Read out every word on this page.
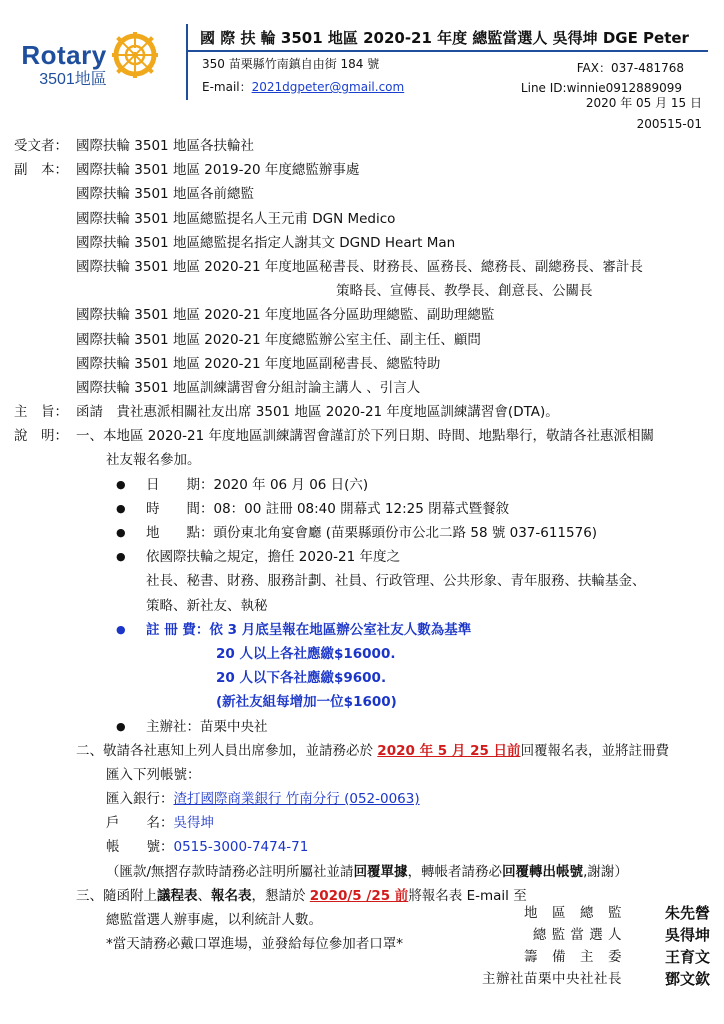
Rotary
3501地區
國 際 扶 輪 3501 地區 2020-21 年度 總監當選人 吳得坤 DGE Peter
350 苗栗縣竹南鎮自由街 184 號
E-mail：2021dgpeter@gmail.com
FAX：037-481768
Line ID:winnie0912889099
2020 年 05 月 15 日
200515-01
受文者： 國際扶輪 3501 地區各扶輪社
副　本： 國際扶輪 3501 地區 2019-20 年度總監辦事處
國際扶輪 3501 地區各前總監
國際扶輪 3501 地區總監提名人王元甫 DGN Medico
國際扶輪 3501 地區總監提名指定人謝其文 DGND Heart Man
國際扶輪 3501 地區 2020-21 年度地區秘書長、財務長、區務長、總務長、副總務長、審計長
策略長、宣傳長、教學長、創意長、公關長
國際扶輪 3501 地區 2020-21 年度地區各分區助理總監、副助理總監
國際扶輪 3501 地區 2020-21 年度總監辦公室主任、副主任、顧問
國際扶輪 3501 地區 2020-21 年度地區副秘書長、總監特助
國際扶輪 3501 地區訓練講習會分組討論主講人 、引言人
主　旨： 函請　貴社惠派相關社友出席 3501 地區 2020-21 年度地區訓練講習會(DTA)。
說　明： 一、本地區 2020-21 年度地區訓練講習會謹訂於下列日期、時間、地點舉行，敬請各社惠派相關
社友報名參加。
● 日　　期：2020 年 06 月 06 日(六)
● 時　　間：08：00 註冊 08:40 開幕式 12:25 閉幕式暨餐敘
● 地　　點：頭份東北角宴會廳 (苗栗縣頭份市公北二路 58 號 037-611576)
● 依國際扶輪之規定，擔任 2020-21 年度之
社長、秘書、財務、服務計劃、社員、行政管理、公共形象、青年服務、扶輪基金、
策略、新社友、執秘
● 註 冊 費：依 3 月底呈報在地區辦公室社友人數為基準
20 人以上各社應繳$16000.
20 人以下各社應繳$9600.
(新社友組每增加一位$1600)
● 主辦社：苗栗中央社
二、敬請各社惠知上列人員出席參加，並請務必於 2020 年 5 月 25 日前回覆報名表，並將註冊費
匯入下列帳號：
匯入銀行：渣打國際商業銀行 竹南分行 (052-0063)
戶　　名：吳得坤
帳　　號：0515-3000-7474-71
（匯款/無摺存款時請務必註明所屬社並請回覆單據，轉帳者請務必回覆轉出帳號,謝謝）
三、隨函附上議程表、報名表，懇請於 2020/5 /25 前將報名表 E-mail 至
總監當選人辦事處，以利統計人數。
*當天請務必戴口罩進場，並發給每位參加者口罩*
地　區　總　監	朱先營
總 監 當 選 人	吳得坤
籌　備　主　委	王育文
主辦社苗栗中央社社長	鄧文欽
